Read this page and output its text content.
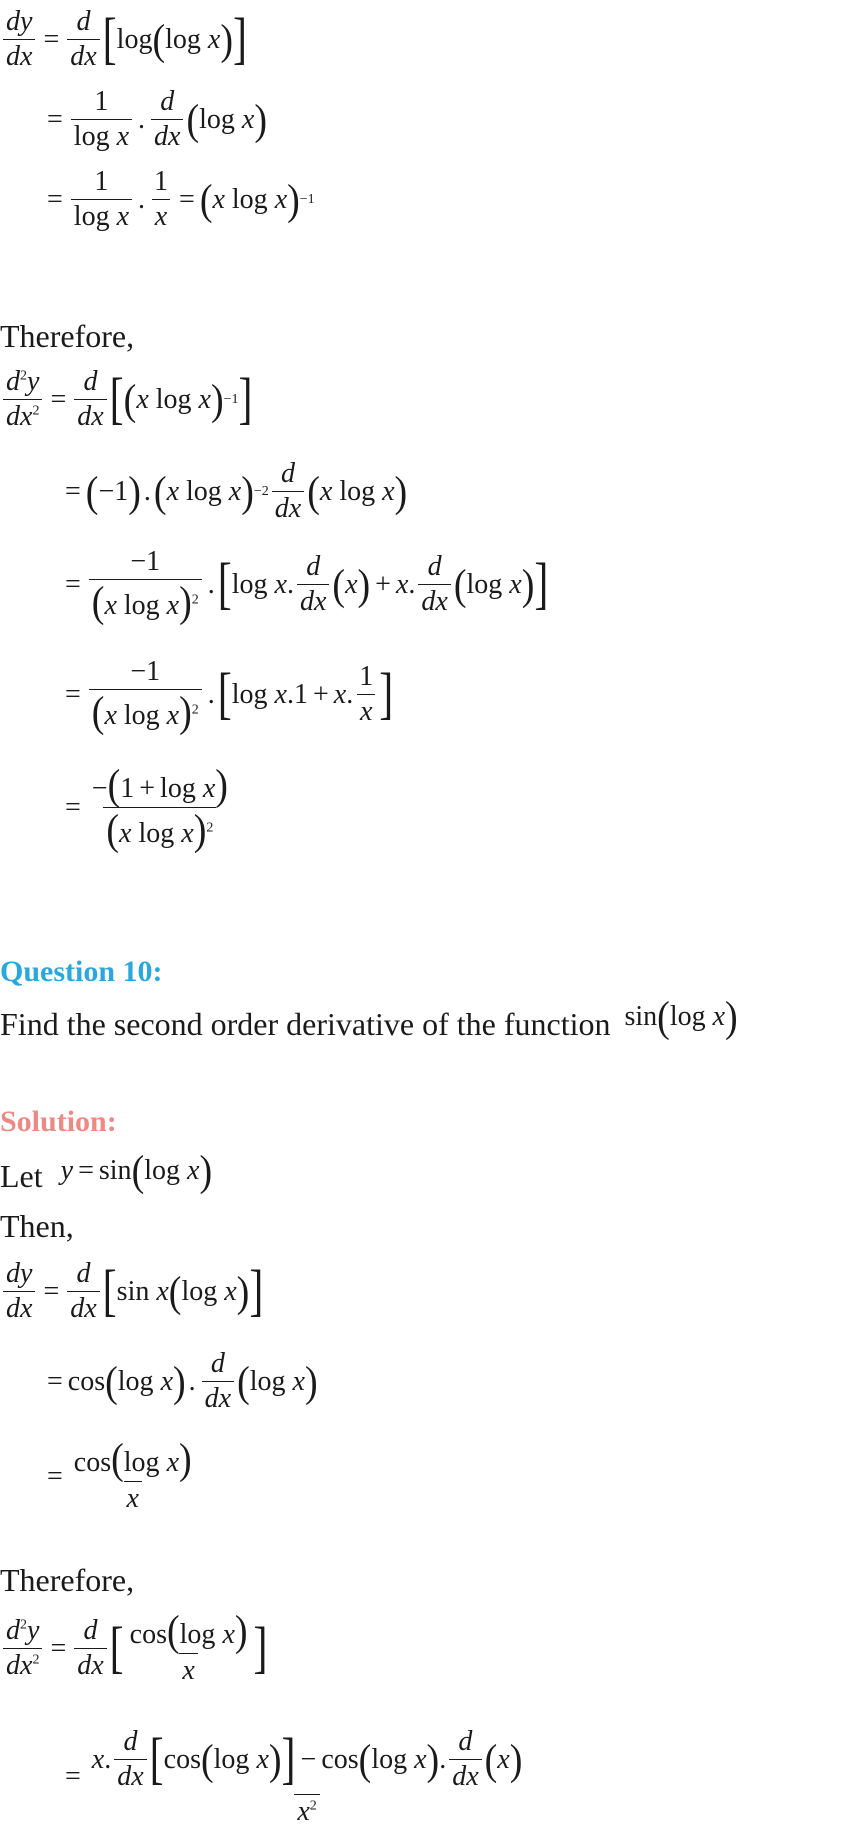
$\frac{dy}{dx} = \frac{d}{dx}$ [ log ( log
x ) ]
= $\frac{1}{\text{log x}}$ . $\frac{d}{dx}$ ( log
x )
= $\frac{1}{\text{log x}}$ . $\frac{1}{x}$ = ( x
log
x ) −1
Therefore,
$\frac{d^2y}{dx^2} = \frac{d}{dx}$ [ ( x
log
x ) −1 ]
= ( −1 ) . ( x
log
x ) $-2 \frac{d}{dx}$ ( x
log
x )
= $\frac{-1}{(x \log x)^2}$ . [ log
x . $\frac{d}{dx}$ ( x ) + x . $\frac{d}{dx}$ ( log
x ) ]
= $\frac{-1}{(x \log x)^2}$ . [ log
x .1 + x . $\frac{1}{x}$ ]
= $\frac{\text{−(1 + log x)}}{(x \log x)^2}$
Question 10:
Find the second order derivative of the function sin ( log
x )
Solution:
Let y = sin ( log
x )
Then,
$\frac{dy}{dx} = \frac{d}{dx}$ [ sin
x ( log
x ) ]
= cos ( log
x ) . $\frac{d}{dx}$ ( log
x )
= $\frac{\text{cos(log x)}}{x}$
Therefore,
$\frac{d^2y}{dx^2} = \frac{d}{dx}$ [ $\frac{\text{cos(log x)}}{x}$ ]
=
x . $\frac{d}{dx}$ [ cos ( log
x ) ] − cos ( log
x ) . $\frac{d}{dx}$ ( x )
$x^2$
